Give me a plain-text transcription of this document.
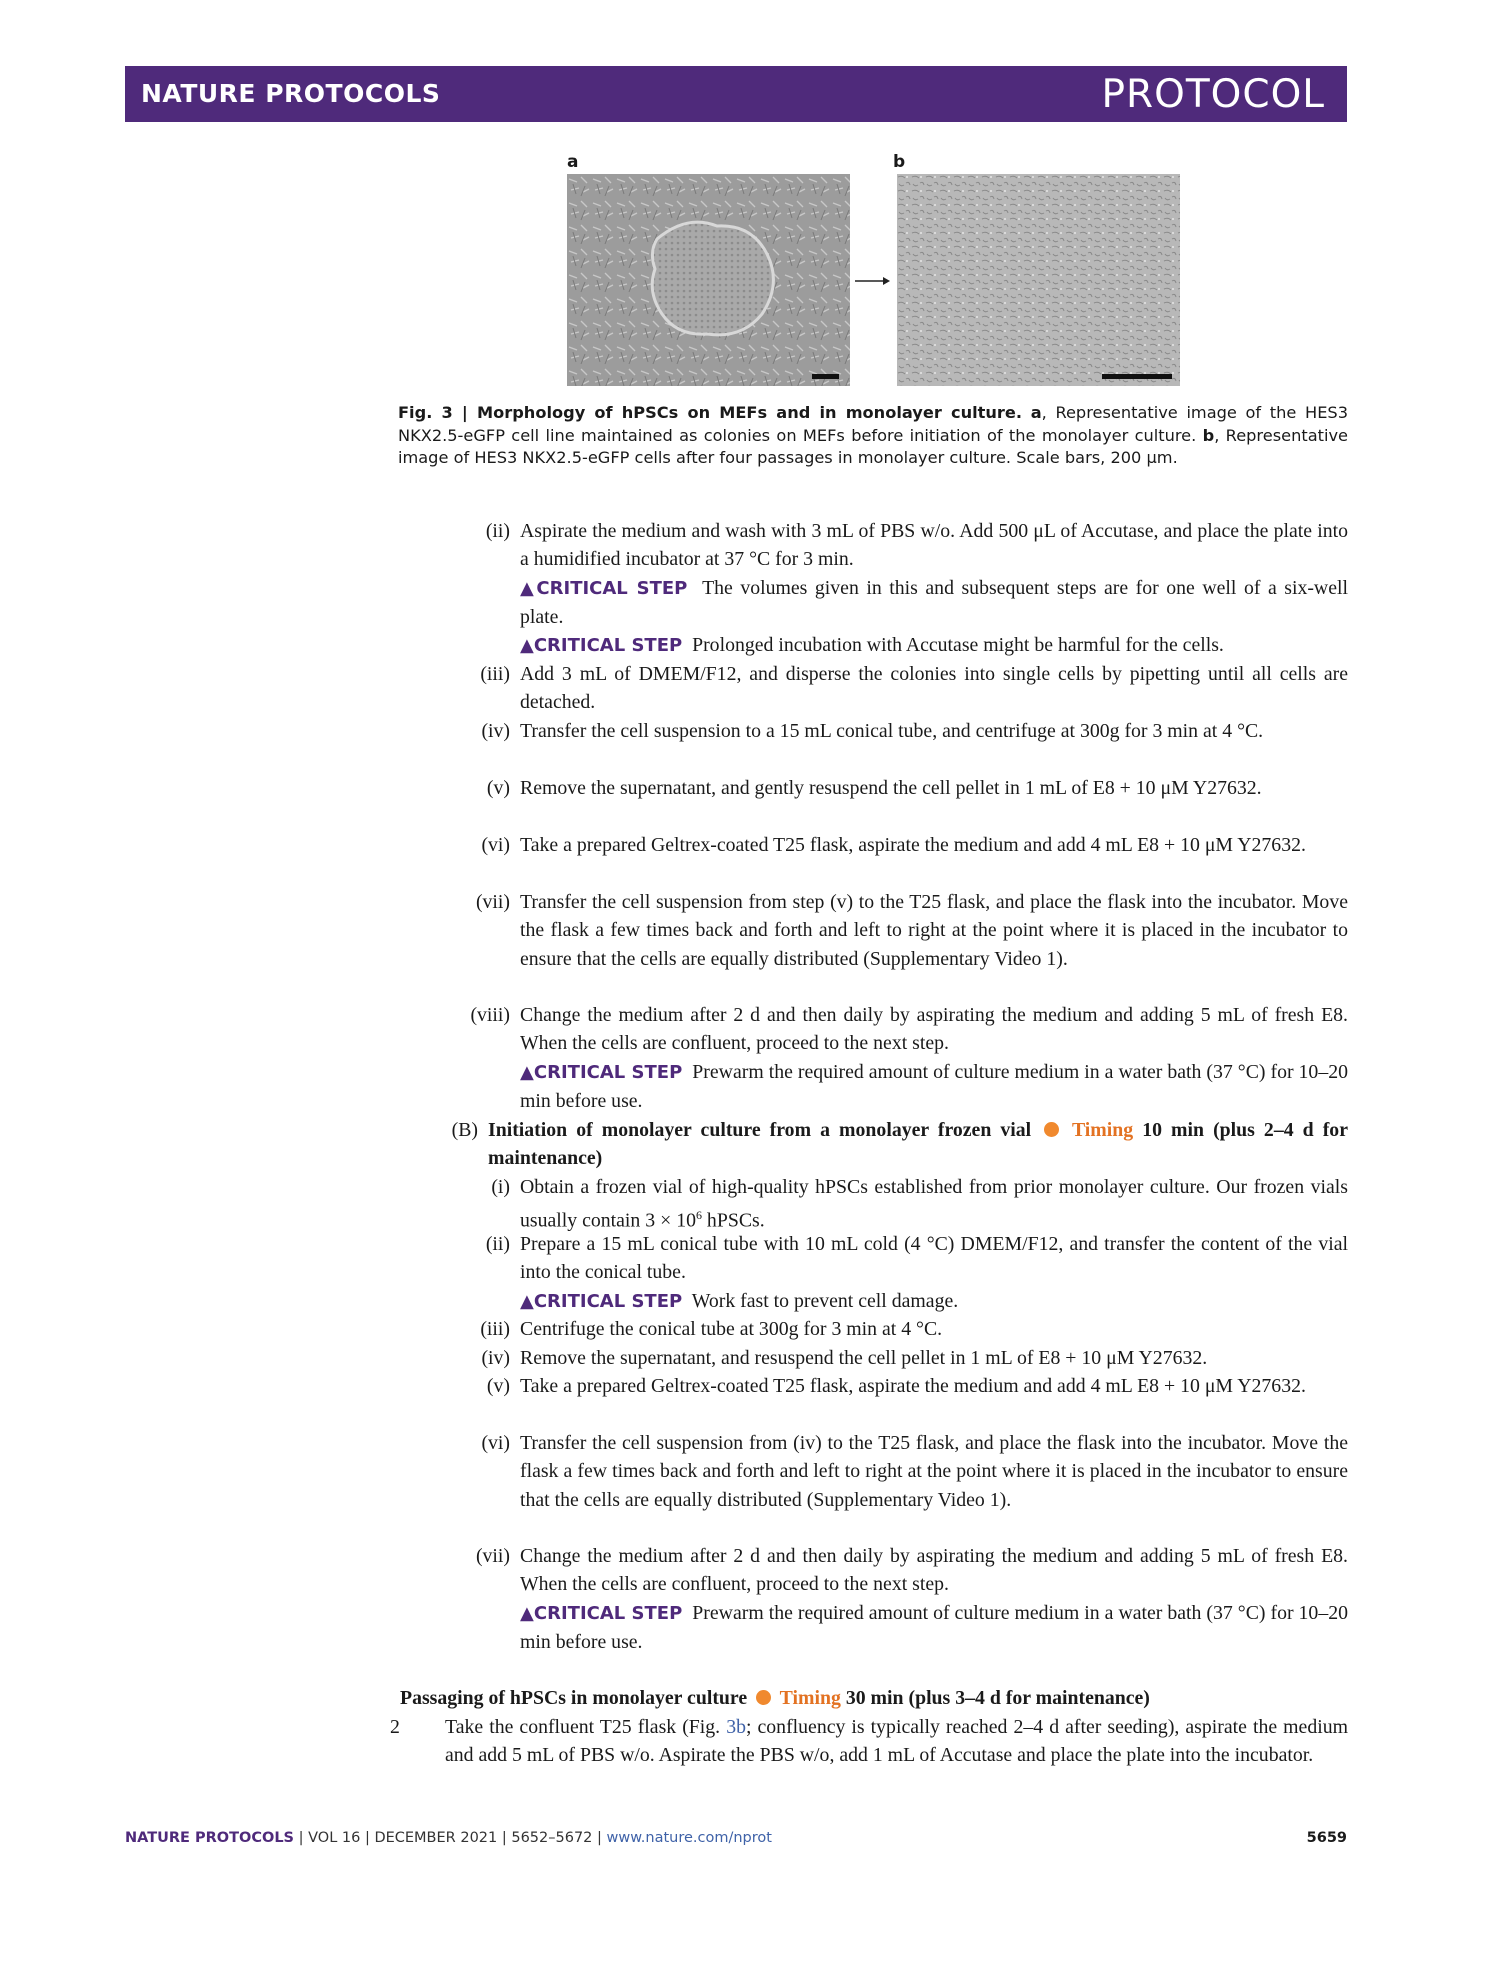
NATURE PROTOCOLS	PROTOCOL
a	b
Fig. 3 | Morphology of hPSCs on MEFs and in monolayer culture. a, Representative image of the HES3 NKX2.5-eGFP cell line maintained as colonies on MEFs before initiation of the monolayer culture. b, Representative image of HES3 NKX2.5-eGFP cells after four passages in monolayer culture. Scale bars, 200 μm.
(ii) Aspirate the medium and wash with 3 mL of PBS w/o. Add 500 μL of Accutase, and place the plate into a humidified incubator at 37 °C for 3 min.
▲CRITICAL STEP The volumes given in this and subsequent steps are for one well of a six-well plate.
▲CRITICAL STEP Prolonged incubation with Accutase might be harmful for the cells.
(iii) Add 3 mL of DMEM/F12, and disperse the colonies into single cells by pipetting until all cells are detached.
(iv) Transfer the cell suspension to a 15 mL conical tube, and centrifuge at 300g for 3 min at 4 °C.
(v) Remove the supernatant, and gently resuspend the cell pellet in 1 mL of E8 + 10 μM Y27632.
(vi) Take a prepared Geltrex-coated T25 flask, aspirate the medium and add 4 mL E8 + 10 μM Y27632.
(vii) Transfer the cell suspension from step (v) to the T25 flask, and place the flask into the incubator. Move the flask a few times back and forth and left to right at the point where it is placed in the incubator to ensure that the cells are equally distributed (Supplementary Video 1).
(viii) Change the medium after 2 d and then daily by aspirating the medium and adding 5 mL of fresh E8. When the cells are confluent, proceed to the next step.
▲CRITICAL STEP Prewarm the required amount of culture medium in a water bath (37 °C) for 10–20 min before use.
(B) Initiation of monolayer culture from a monolayer frozen vial Timing 10 min (plus 2–4 d for maintenance)
(i) Obtain a frozen vial of high-quality hPSCs established from prior monolayer culture. Our frozen vials usually contain $3 \times 10^6$ hPSCs.
(ii) Prepare a 15 mL conical tube with 10 mL cold (4 °C) DMEM/F12, and transfer the content of the vial into the conical tube.
▲CRITICAL STEP Work fast to prevent cell damage.
(iii) Centrifuge the conical tube at 300g for 3 min at 4 °C.
(iv) Remove the supernatant, and resuspend the cell pellet in 1 mL of E8 + 10 μM Y27632.
(v) Take a prepared Geltrex-coated T25 flask, aspirate the medium and add 4 mL E8 + 10 μM Y27632.
(vi) Transfer the cell suspension from (iv) to the T25 flask, and place the flask into the incubator. Move the flask a few times back and forth and left to right at the point where it is placed in the incubator to ensure that the cells are equally distributed (Supplementary Video 1).
(vii) Change the medium after 2 d and then daily by aspirating the medium and adding 5 mL of fresh E8. When the cells are confluent, proceed to the next step.
▲CRITICAL STEP Prewarm the required amount of culture medium in a water bath (37 °C) for 10–20 min before use.
Passaging of hPSCs in monolayer culture Timing 30 min (plus 3–4 d for maintenance)
2	Take the confluent T25 flask (Fig. 3b; confluency is typically reached 2–4 d after seeding), aspirate the medium and add 5 mL of PBS w/o. Aspirate the PBS w/o, add 1 mL of Accutase and place the plate into the incubator.
NATURE PROTOCOLS | VOL 16 | DECEMBER 2021 | 5652–5672 | www.nature.com/nprot	5659
